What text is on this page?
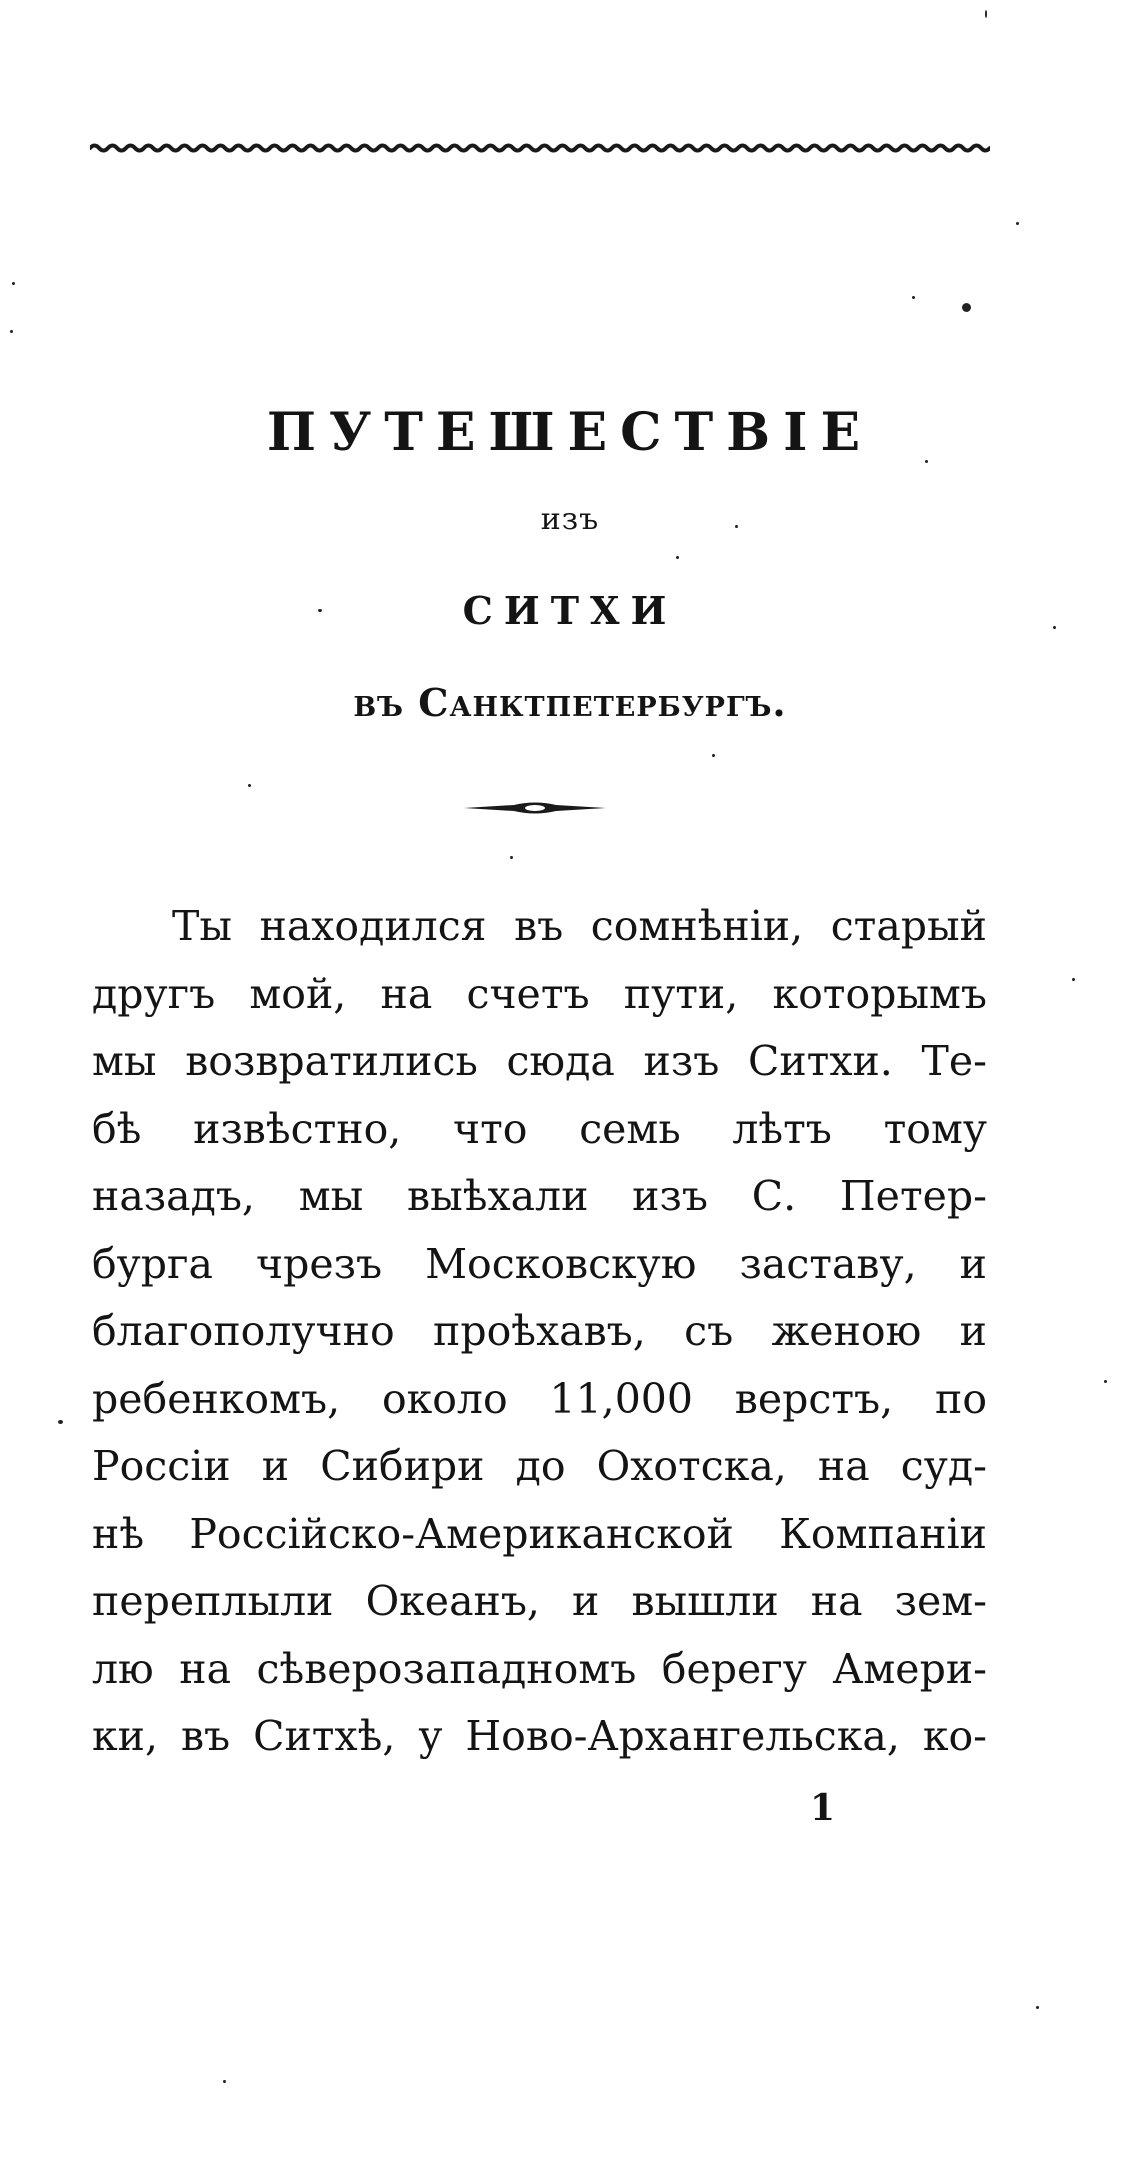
ПУТЕШЕСТВІЕ
изъ
СИТХИ
въ Санктпетербургъ.
Ты находился въ сомнѣніи, старый
другъ мой, на счетъ пути, которымъ
мы возвратились сюда изъ Ситхи. Те-
бѣ извѣстно, что семь лѣтъ тому
назадъ, мы выѣхали изъ С. Петер-
бурга чрезъ Московскую заставу, и
благополучно проѣхавъ, съ женою и
ребенкомъ, около 11,000 верстъ, по
Россіи и Сибири до Охотска, на суд-
нѣ Россійско-Американской Компаніи
переплыли Океанъ, и вышли на зем-
лю на сѣверозападномъ берегу Амери-
ки, въ Ситхѣ, у Ново-Архангельска, ко-
1
